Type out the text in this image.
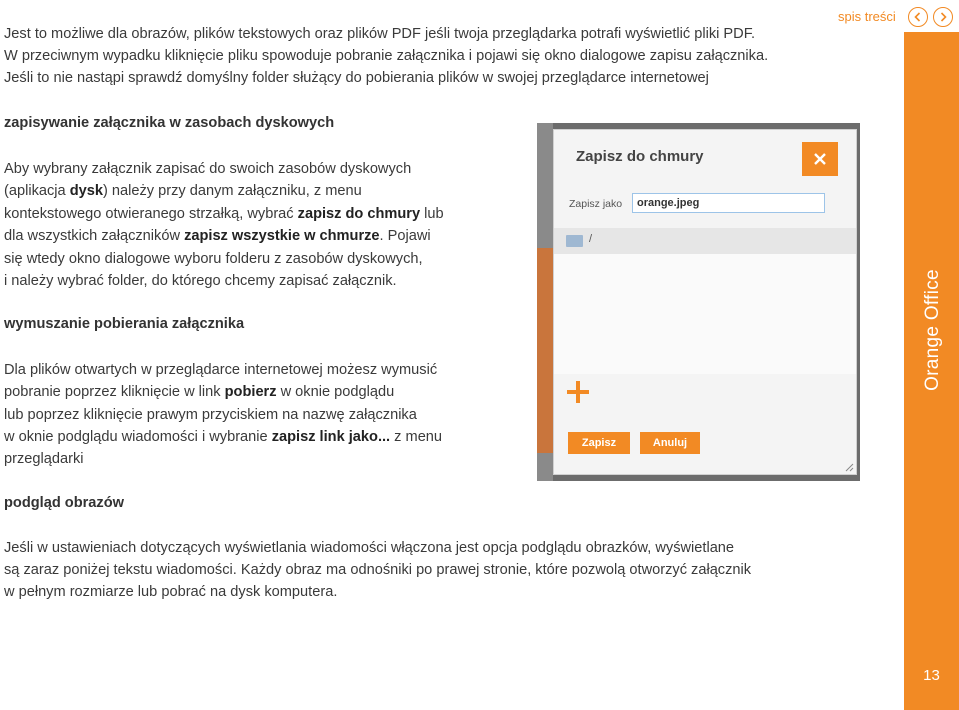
spis treści

Jest to możliwe dla obrazów, plików tekstowych oraz plików PDF jeśli twoja przeglądarka potrafi wyświetlić pliki PDF.

W przeciwnym wypadku kliknięcie pliku spowoduje pobranie załącznika i pojawi się okno dialogowe zapisu załącznika.

Jeśli to nie nastąpi sprawdź domyślny folder służący do pobierania plików w swojej przeglądarce internetowej

zapisywanie załącznika w zasobach dyskowych

Aby wybrany załącznik zapisać do swoich zasobów dyskowych

(aplikacja dysk) należy przy danym załączniku, z menu

kontekstowego otwieranego strzałką, wybrać zapisz do chmury lub

dla wszystkich załączników zapisz wszystkie w chmurze. Pojawi

się wtedy okno dialogowe wyboru folderu z zasobów dyskowych,

i należy wybrać folder, do którego chcemy zapisać załącznik.

wymuszanie pobierania załącznika

Dla plików otwartych w przeglądarce internetowej możesz wymusić

pobranie poprzez kliknięcie w link pobierz w oknie podglądu

lub poprzez kliknięcie prawym przyciskiem na nazwę załącznika

w oknie podglądu wiadomości i wybranie zapisz link jako... z menu

przeglądarki

podgląd obrazów

Jeśli w ustawieniach dotyczących wyświetlania wiadomości włączona jest opcja podglądu obrazków, wyświetlane

są zaraz poniżej tekstu wiadomości. Każdy obraz ma odnośniki po prawej stronie, które pozwolą otworzyć załącznik

w pełnym rozmiarze lub pobrać na dysk komputera.

Zapisz do chmury
Zapisz jako
orange.jpeg
/
Zapisz	Anuluj
Orange Office
13
